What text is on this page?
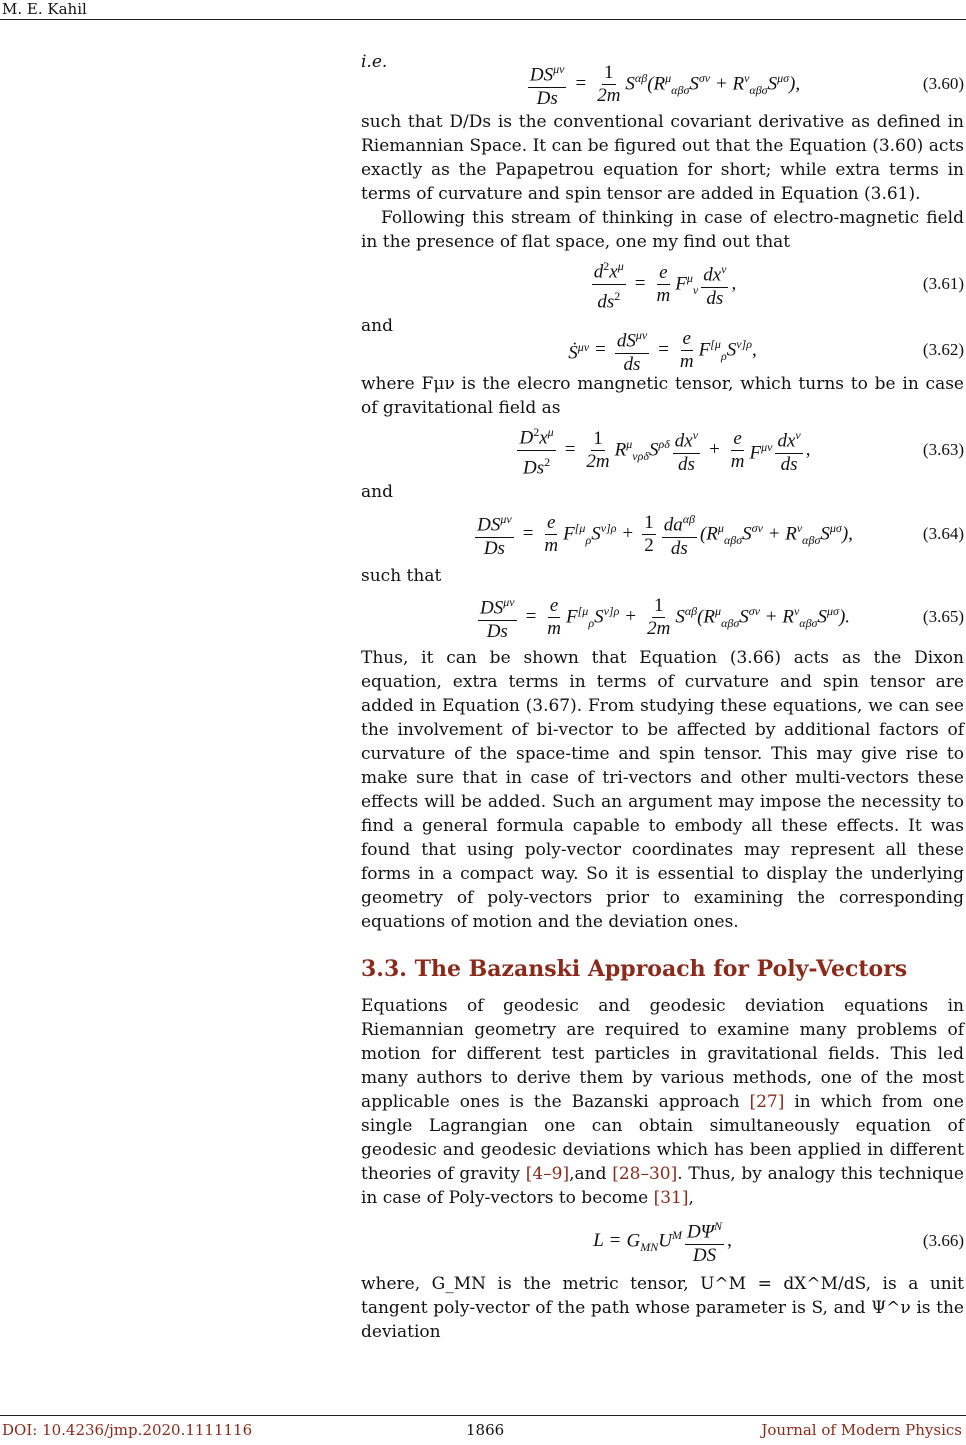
M. E. Kahil
i.e.	$\frac{DS^{\mu\nu}}{Ds} = \frac{1}{2m} S^{\alpha\beta}(R^\mu_{\alpha\beta\sigma}S^{\sigma\nu} + R^\nu_{\alpha\beta\sigma}S^{\mu\sigma})$,	(3.60)

such that D/Ds is the conventional covariant derivative as defined in Riemannian Space. It can be figured out that the Equation (3.60) acts exactly as the Papapetrou equation for short; while extra terms in terms of curvature and spin tensor are added in Equation (3.61).

Following this stream of thinking in case of electro-magnetic field in the presence of flat space, one my find out that

$\frac{d^2x^\mu}{ds^2} = \frac{e}{m} F^\mu_\nu \frac{dx^\nu}{ds}$ ,	(3.61)

and

Ṡ$^{\mu\nu}$ = $\frac{dS^{\mu\nu}}{ds} = \frac{e}{m} F^{[\mu}_\rho S^{\nu]\rho}$,	(3.62)

where Fμν is the elecro mangnetic tensor, which turns to be in case of gravitational field as

$\frac{D^2x^\mu}{Ds^2} = \frac{1}{2m} R^\mu_{\nu\rho\delta}S^{\rho\delta} \frac{dx^\nu}{ds} + \frac{e}{m} F^{\mu\nu} \frac{dx^\nu}{ds}$ ,	(3.63)

and

$\frac{DS^{\mu\nu}}{Ds} = \frac{e}{m} F^{[\mu}_\rho S^{\nu]\rho} + \frac{1}{2} \frac{da^{\alpha\beta}}{ds} (R^\mu_{\alpha\beta\sigma}S^{\sigma\nu} + R^\nu_{\alpha\beta\sigma}S^{\mu\sigma})$,	(3.64)

such that

$\frac{DS^{\mu\nu}}{Ds} = \frac{e}{m} F^{[\mu}_\rho S^{\nu]\rho} + \frac{1}{2m} S^{\alpha\beta}(R^\mu_{\alpha\beta\sigma}S^{\sigma\nu} + R^\nu_{\alpha\beta\sigma}S^{\mu\sigma})$.	(3.65)

Thus, it can be shown that Equation (3.66) acts as the Dixon equation, extra terms in terms of curvature and spin tensor are added in Equation (3.67). From studying these equations, we can see the involvement of bi-vector to be affected by additional factors of curvature of the space-time and spin tensor. This may give rise to make sure that in case of tri-vectors and other multi-vectors these effects will be added. Such an argument may impose the necessity to find a general formula capable to embody all these effects. It was found that using poly-vector coordinates may represent all these forms in a compact way. So it is essential to display the underlying geometry of poly-vectors prior to examining the corresponding equations of motion and the deviation ones.

3.3. The Bazanski Approach for Poly-Vectors

Equations of geodesic and geodesic deviation equations in Riemannian geometry are required to examine many problems of motion for different test particles in gravitational fields. This led many authors to derive them by various methods, one of the most applicable ones is the Bazanski approach [27] in which from one single Lagrangian one can obtain simultaneously equation of geodesic and geodesic deviations which has been applied in different theories of gravity [4–9],and [28–30]. Thus, by analogy this technique in case of Poly-vectors to become [31],

$L = G_{MN}U^M \frac{D\Psi^N}{DS}$ ,	(3.66)

where, G_MN is the metric tensor, U^M = dX^M/dS, is a unit tangent poly-vector of the path whose parameter is S, and Ψ^ν is the deviation

DOI: 10.4236/jmp.2020.1111116	1866	Journal of Modern Physics
